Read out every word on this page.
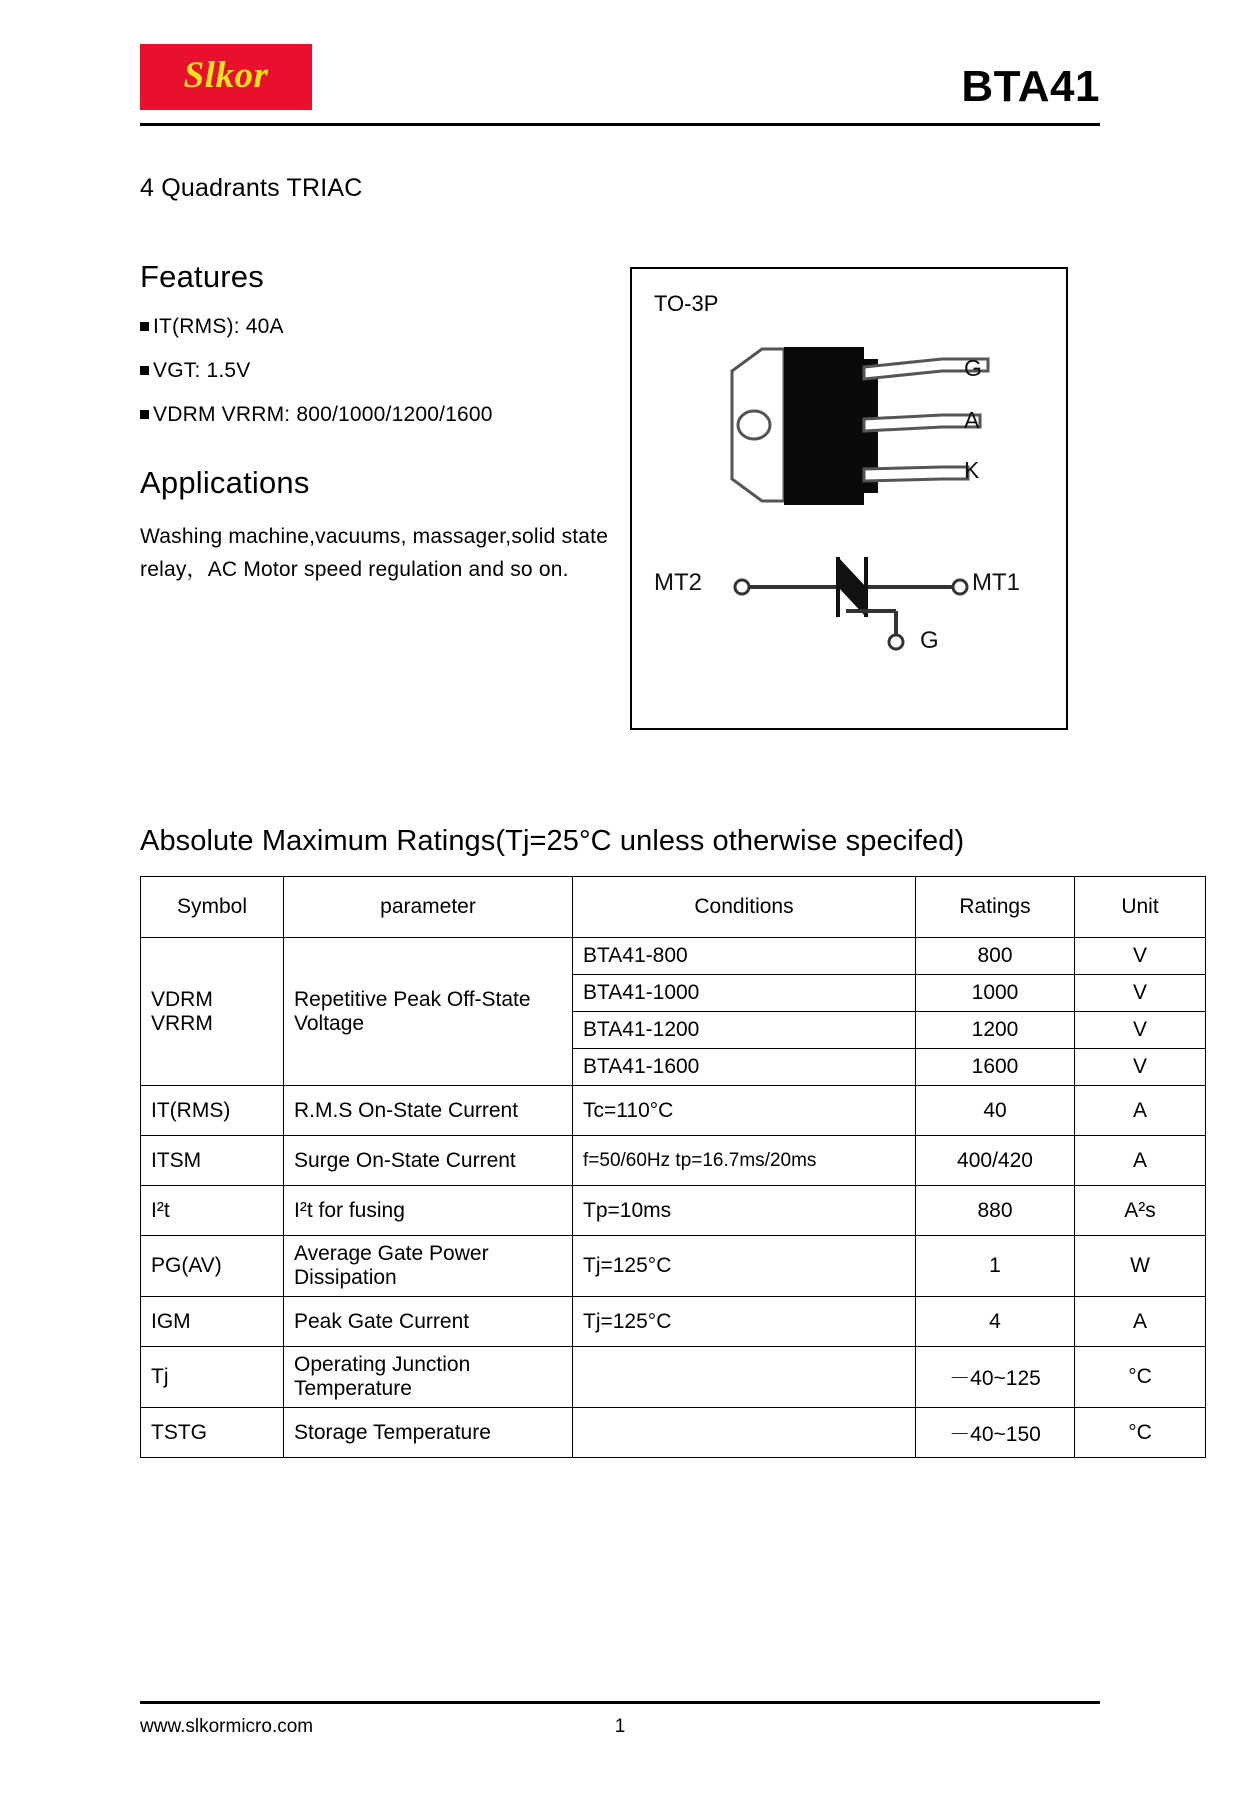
Slkor	BTA41
4 Quadrants TRIAC
Features
IT(RMS): 40A
VGT: 1.5V
VDRM VRRM: 800/1000/1200/1600
Applications
Washing machine,vacuums, massager,solid state relay，AC Motor speed regulation and so on.
TO-3P
G
A
K
MT2	MT1
G
Absolute Maximum Ratings(Tj=25°C unless otherwise specifed)
Symbol	parameter	Conditions	Ratings	Unit
VDRM
VRRM	Repetitive Peak Off-State Voltage	BTA41-800	800	V
		BTA41-1000	1000	V
		BTA41-1200	1200	V
		BTA41-1600	1600	V
IT(RMS)	R.M.S On-State Current	Tc=110°C	40	A
ITSM	Surge On-State Current	f=50/60Hz tp=16.7ms/20ms	400/420	A
I²t	I²t for fusing	Tp=10ms	880	A²s
PG(AV)	Average Gate Power Dissipation	Tj=125°C	1	W
IGM	Peak Gate Current	Tj=125°C	4	A
Tj	Operating Junction Temperature		－40~125	°C
TSTG	Storage Temperature		－40~150	°C
www.slkormicro.com	1
